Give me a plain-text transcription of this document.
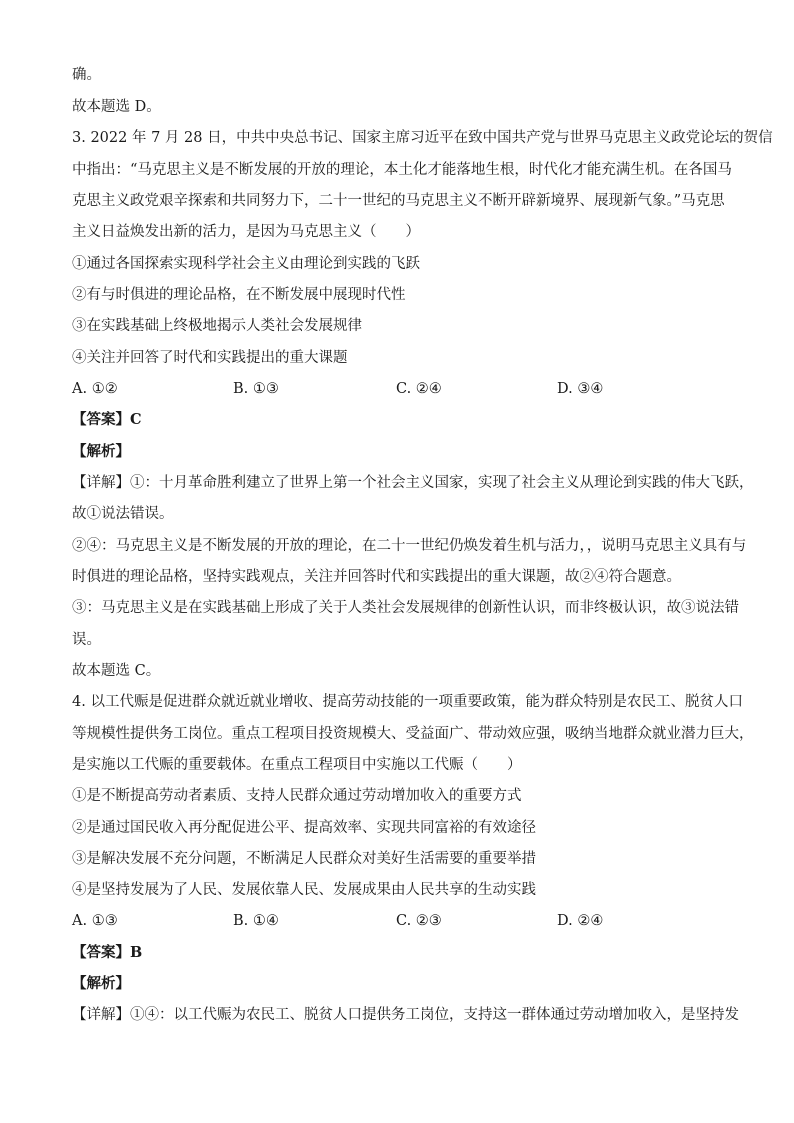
确。
故本题选 D。
3. 2022 年 7 月 28 日，中共中央总书记、国家主席习近平在致中国共产党与世界马克思主义政党论坛的贺信
中指出：“马克思主义是不断发展的开放的理论，本土化才能落地生根，时代化才能充满生机。在各国马
克思主义政党艰辛探索和共同努力下，二十一世纪的马克思主义不断开辟新境界、展现新气象。”马克思
主义日益焕发出新的活力，是因为马克思主义（　　）
①通过各国探索实现科学社会主义由理论到实践的飞跃
②有与时俱进的理论品格，在不断发展中展现时代性
③在实践基础上终极地揭示人类社会发展规律
④关注并回答了时代和实践提出的重大课题
A. ①②	B. ①③	C. ②④	D. ③④
【答案】C
【解析】
【详解】①：十月革命胜利建立了世界上第一个社会主义国家，实现了社会主义从理论到实践的伟大飞跃，
故①说法错误。
②④：马克思主义是不断发展的开放的理论，在二十一世纪仍焕发着生机与活力，，说明马克思主义具有与
时俱进的理论品格，坚持实践观点，关注并回答时代和实践提出的重大课题，故②④符合题意。
③：马克思主义是在实践基础上形成了关于人类社会发展规律的创新性认识，而非终极认识，故③说法错
误。
故本题选 C。
4. 以工代赈是促进群众就近就业增收、提高劳动技能的一项重要政策，能为群众特别是农民工、脱贫人口
等规模性提供务工岗位。重点工程项目投资规模大、受益面广、带动效应强，吸纳当地群众就业潜力巨大，
是实施以工代赈的重要载体。在重点工程项目中实施以工代赈（　　）
①是不断提高劳动者素质、支持人民群众通过劳动增加收入的重要方式
②是通过国民收入再分配促进公平、提高效率、实现共同富裕的有效途径
③是解决发展不充分问题，不断满足人民群众对美好生活需要的重要举措
④是坚持发展为了人民、发展依靠人民、发展成果由人民共享的生动实践
A. ①③	B. ①④	C. ②③	D. ②④
【答案】B
【解析】
【详解】①④：以工代赈为农民工、脱贫人口提供务工岗位，支持这一群体通过劳动增加收入，是坚持发
